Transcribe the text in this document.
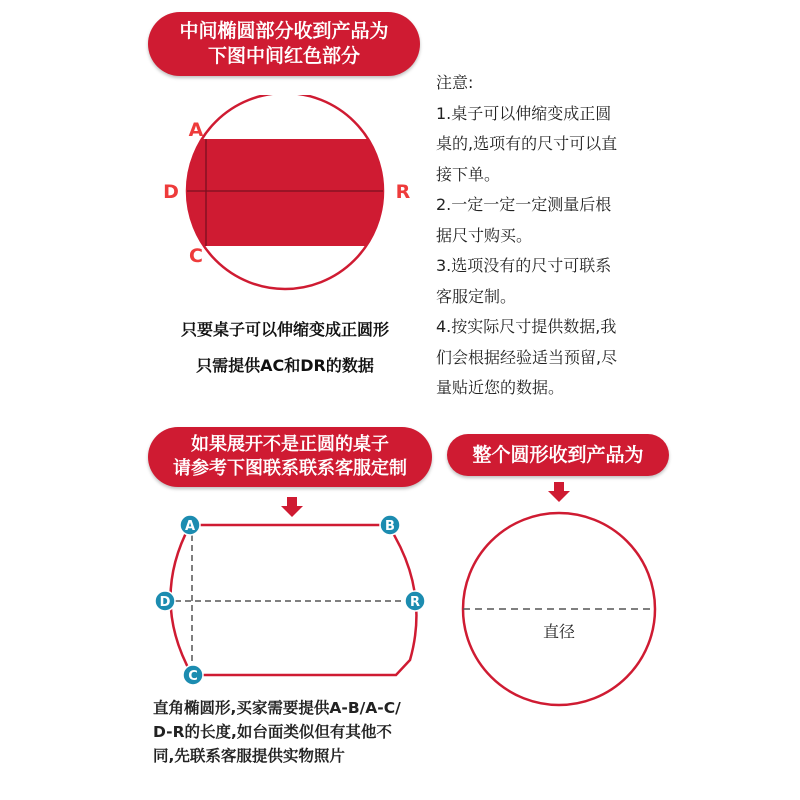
中间椭圆部分收到产品为
下图中间红色部分
A
D
C
R
只要桌子可以伸缩变成正圆形
只需提供AC和DR的数据
注意:
1.桌子可以伸缩变成正圆
桌的,选项有的尺寸可以直
接下单。
2.一定一定一定测量后根
据尺寸购买。
3.选项没有的尺寸可联系
客服定制。
4.按实际尺寸提供数据,我
们会根据经验适当预留,尽
量贴近您的数据。
如果展开不是正圆的桌子
请参考下图联系联系客服定制
A	B
D	R
C
直角椭圆形,买家需要提供A-B/A-C/
D-R的长度,如台面类似但有其他不
同,先联系客服提供实物照片
整个圆形收到产品为
直径
